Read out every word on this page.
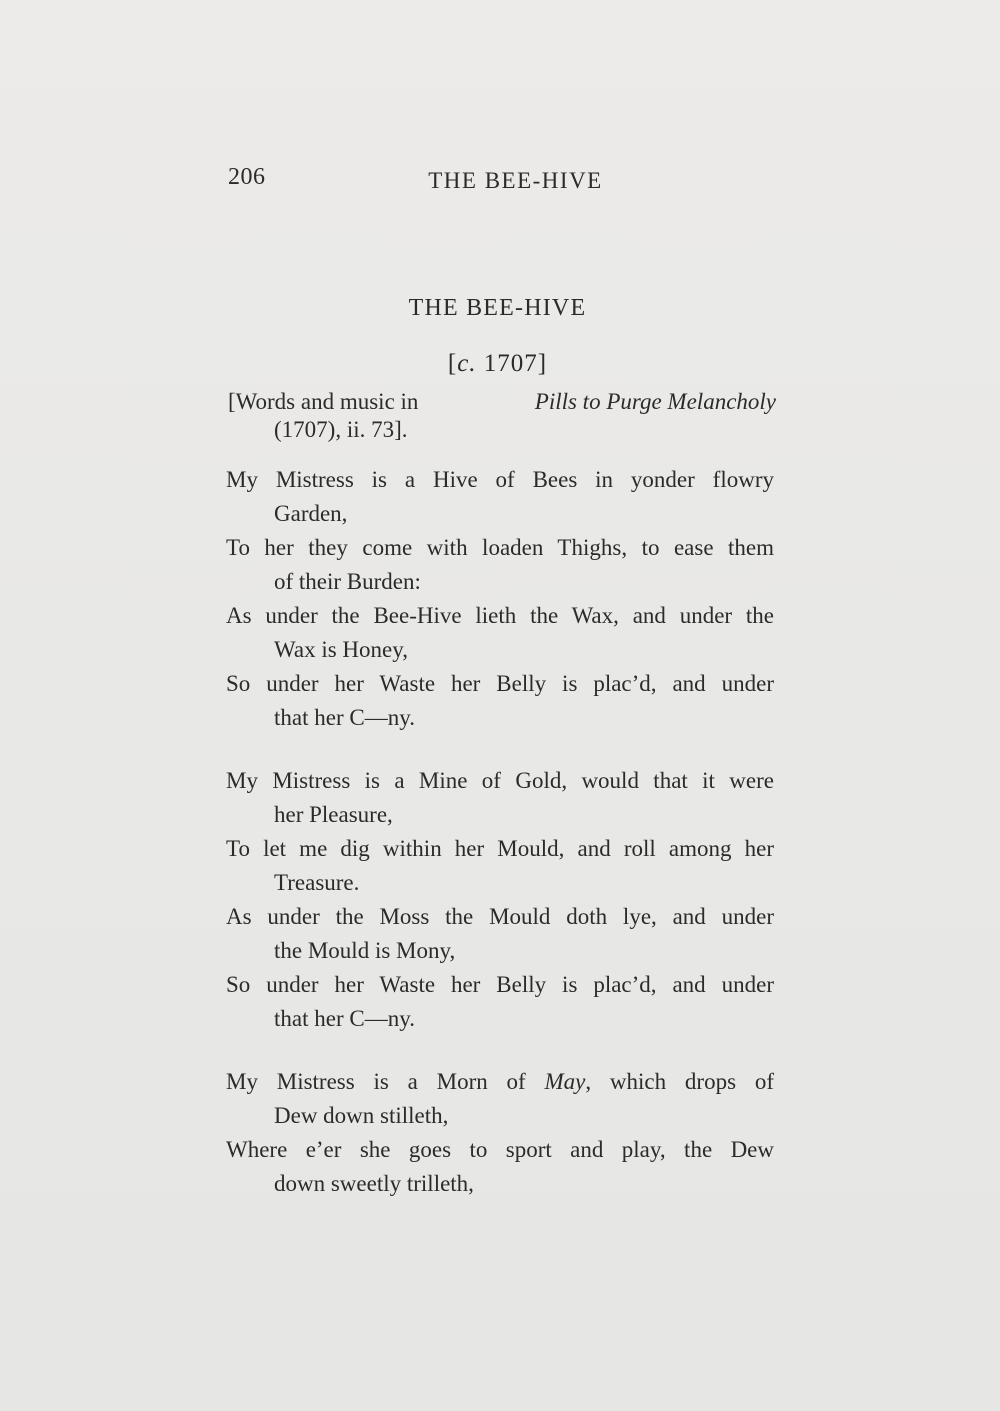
206	THE BEE-HIVE
THE BEE-HIVE
[c. 1707]
[Words and music in	Pills to Purge Melancholy
(1707), ii. 73].
My Mistress is a Hive of Bees in yonder flowry
Garden,
To her they come with loaden Thighs, to ease them
of their Burden:
As under the Bee-Hive lieth the Wax, and under the
Wax is Honey,
So under her Waste her Belly is plac’d, and under
that her C—ny.
My Mistress is a Mine of Gold, would that it were
her Pleasure,
To let me dig within her Mould, and roll among her
Treasure.
As under the Moss the Mould doth lye, and under
the Mould is Mony,
So under her Waste her Belly is plac’d, and under
that her C—ny.
My Mistress is a Morn of May, which drops of
Dew down stilleth,
Where e’er she goes to sport and play, the Dew
down sweetly trilleth,
